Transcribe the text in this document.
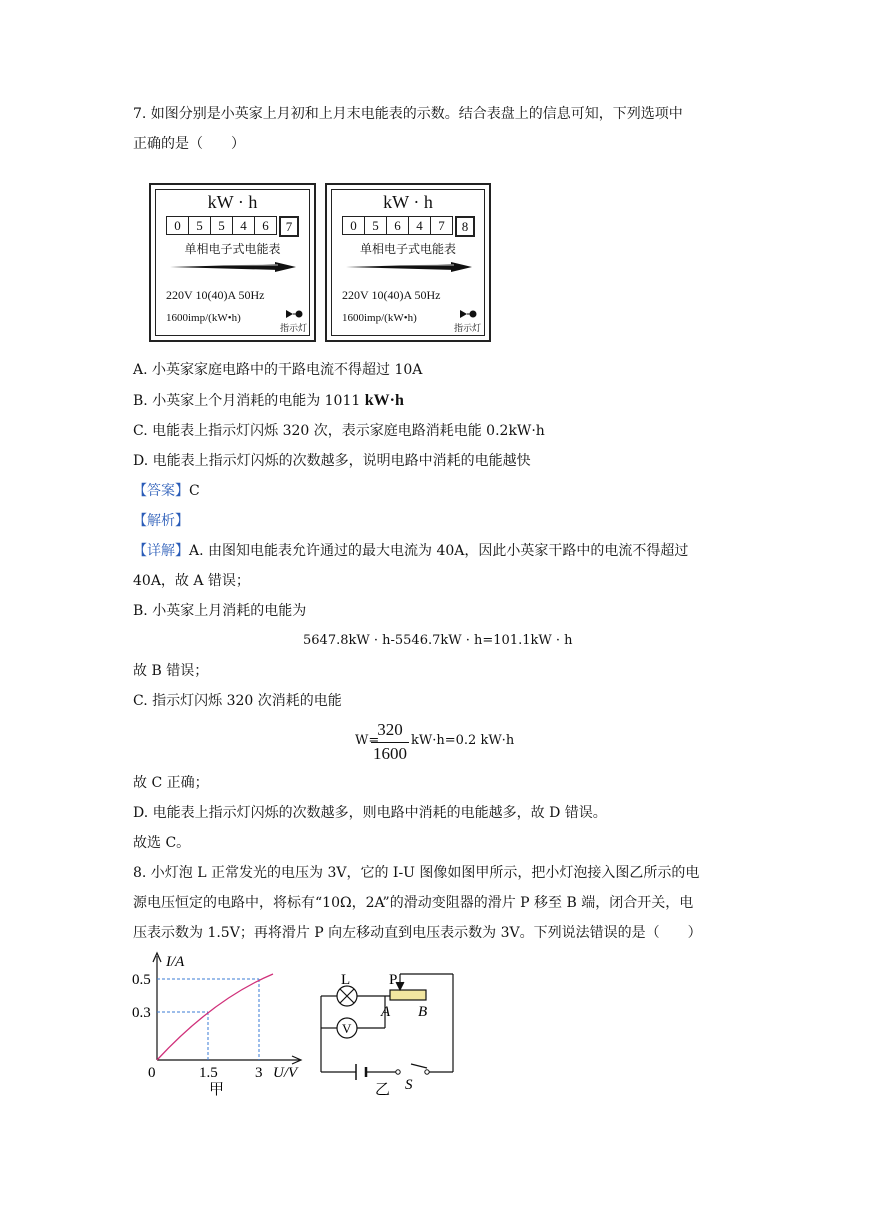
7. 如图分别是小英家上月初和上月末电能表的示数。结合表盘上的信息可知，下列选项中
正确的是（　　）
kW · h
0	5	5	4	6	7
单相电子式电能表
220V 10(40)A 50Hz
1600imp/(kW•h)
指示灯
kW · h
0	5	6	4	7	8
单相电子式电能表
220V 10(40)A 50Hz
1600imp/(kW•h)
指示灯
A. 小英家家庭电路中的干路电流不得超过 10A
B. 小英家上个月消耗的电能为 1011 kW·h
C. 电能表上指示灯闪烁 320 次，表示家庭电路消耗电能 0.2kW·h
D. 电能表上指示灯闪烁的次数越多，说明电路中消耗的电能越快
【答案】C
【解析】
【详解】A. 由图知电能表允许通过的最大电流为 40A，因此小英家干路中的电流不得超过
40A，故 A 错误；
B. 小英家上月消耗的电能为
5647.8kW · h-5546.7kW · h=101.1kW · h
故 B 错误；
C. 指示灯闪烁 320 次消耗的电能
W=
320
1600
kW·h=0.2 kW·h
故 C 正确；
D. 电能表上指示灯闪烁的次数越多，则电路中消耗的电能越多，故 D 错误。
故选 C。
8. 小灯泡 L 正常发光的电压为 3V，它的 I-U 图像如图甲所示，把小灯泡接入图乙所示的电
源电压恒定的电路中，将标有“10Ω，2A”的滑动变阻器的滑片 P 移至 B 端，闭合开关，电
压表示数为 1.5V；再将滑片 P 向左移动直到电压表示数为 3V。下列说法错误的是（　　）
I/A
0.5
0.3
0	1.5 3 U/V
甲
L	P
A B
V
S
乙
